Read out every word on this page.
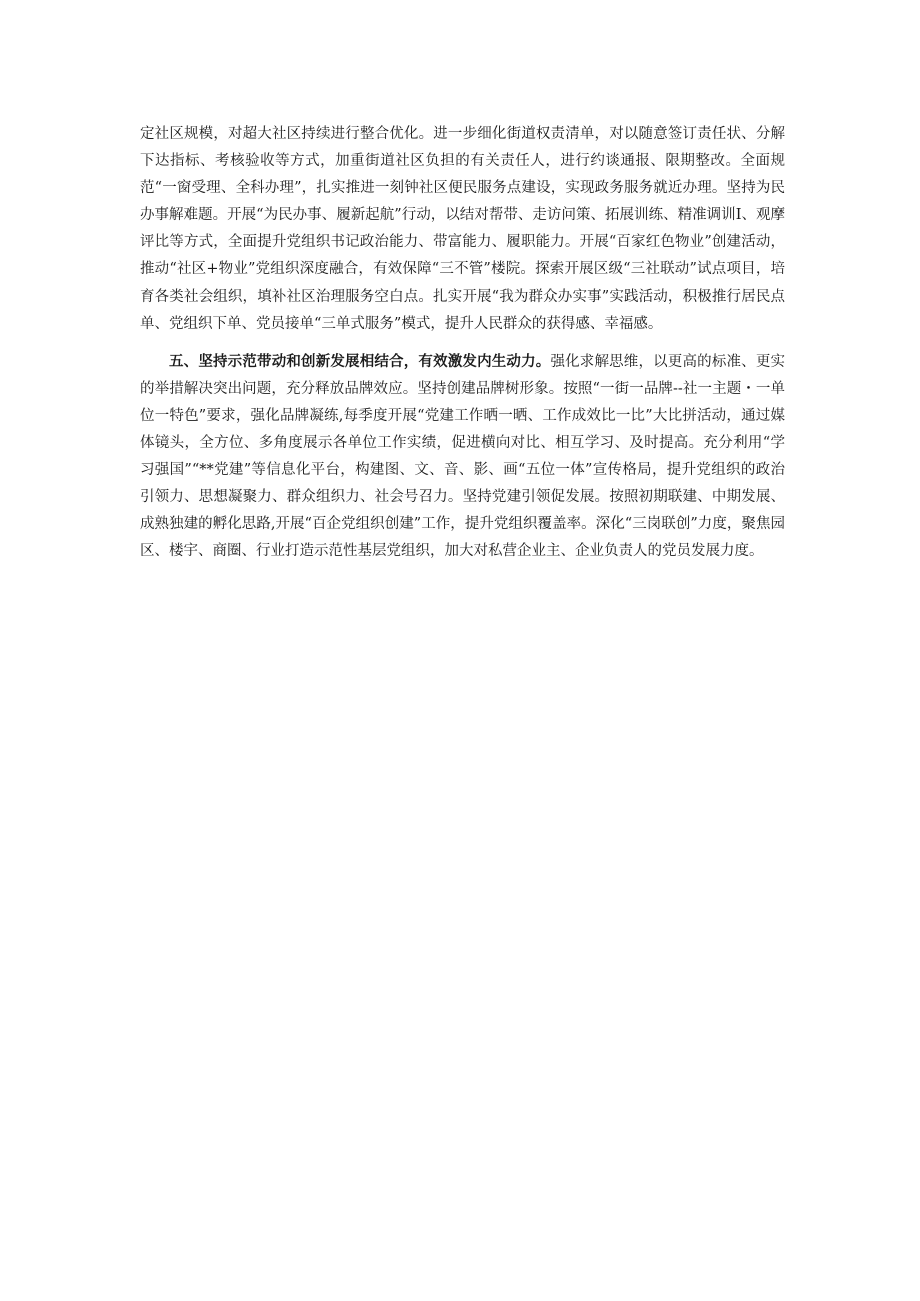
定社区规模，对超大社区持续进行整合优化。进一步细化街道权责清单，对以随意签订责任状、分解下达指标、考核验收等方式，加重街道社区负担的有关责任人，进行约谈通报、限期整改。全面规范“一窗受理、全科办理”，扎实推进一刻钟社区便民服务点建设，实现政务服务就近办理。坚持为民办事解难题。开展“为民办事、履新起航”行动，以结对帮带、走访问策、拓展训练、精准调训I、观摩评比等方式，全面提升党组织书记政治能力、带富能力、履职能力。开展“百家红色物业”创建活动，推动“社区+物业”党组织深度融合，有效保障“三不管”楼院。探索开展区级“三社联动”试点项目，培育各类社会组织，填补社区治理服务空白点。扎实开展“我为群众办实事”实践活动，积极推行居民点单、党组织下单、党员接单“三单式服务”模式，提升人民群众的获得感、幸福感。

五、坚持示范带动和创新发展相结合，有效激发内生动力。强化求解思维，以更高的标准、更实的举措解决突出问题，充分释放品牌效应。坚持创建品牌树形象。按照“一街一品牌--社一主题・一单位一特色”要求，强化品牌凝练,每季度开展“党建工作晒一晒、工作成效比一比”大比拼活动，通过媒体镜头，全方位、多角度展示各单位工作实绩，促进横向对比、相互学习、及时提高。充分利用“学习强国”“**党建”等信息化平台，构建图、文、音、影、画“五位一体”宣传格局，提升党组织的政治引领力、思想凝聚力、群众组织力、社会号召力。坚持党建引领促发展。按照初期联建、中期发展、成熟独建的孵化思路,开展“百企党组织创建”工作，提升党组织覆盖率。深化“三岗联创”力度，聚焦园区、楼宇、商圈、行业打造示范性基层党组织，加大对私营企业主、企业负责人的党员发展力度。
